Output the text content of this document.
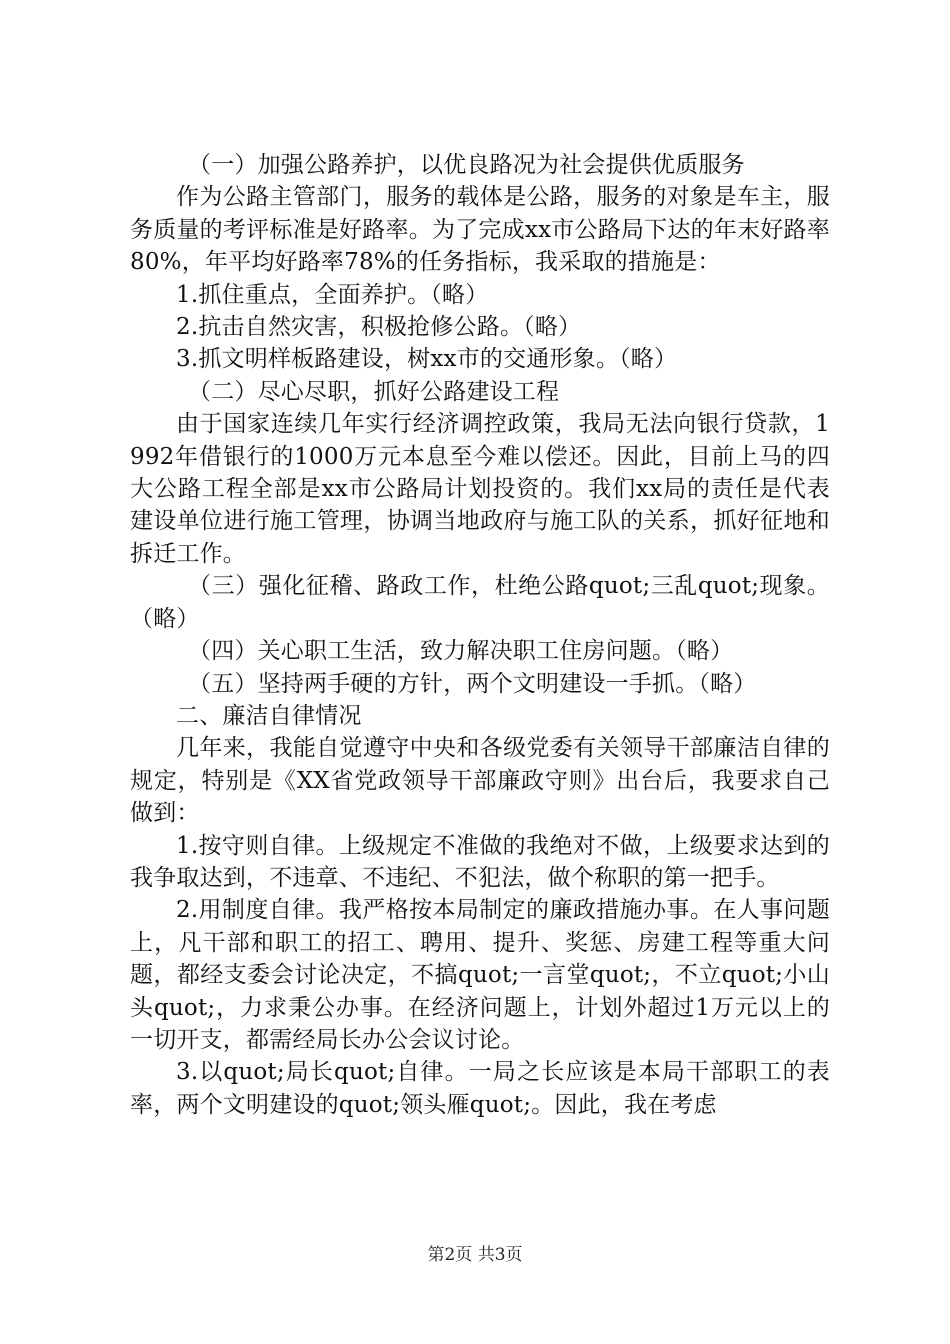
（一）加强公路养护，以优良路况为社会提供优质服务

作为公路主管部门，服务的载体是公路，服务的对象是车主，服务质量的考评标准是好路率。为了完成xx市公路局下达的年末好路率80%，年平均好路率78%的任务指标，我采取的措施是：

1.抓住重点，全面养护。（略）

2.抗击自然灾害，积极抢修公路。（略）

3.抓文明样板路建设，树xx市的交通形象。（略）

（二）尽心尽职，抓好公路建设工程

由于国家连续几年实行经济调控政策，我局无法向银行贷款，1992年借银行的1000万元本息至今难以偿还。因此，目前上马的四大公路工程全部是xx市公路局计划投资的。我们xx局的责任是代表建设单位进行施工管理，协调当地政府与施工队的关系，抓好征地和拆迁工作。

（三）强化征稽、路政工作，杜绝公路quot;三乱quot;现象。（略）

（四）关心职工生活，致力解决职工住房问题。（略）

（五）坚持两手硬的方针，两个文明建设一手抓。（略）

二、廉洁自律情况

几年来，我能自觉遵守中央和各级党委有关领导干部廉洁自律的规定，特别是《XX省党政领导干部廉政守则》出台后，我要求自己做到：

1.按守则自律。上级规定不准做的我绝对不做，上级要求达到的我争取达到，不违章、不违纪、不犯法，做个称职的第一把手。

2.用制度自律。我严格按本局制定的廉政措施办事。在人事问题上，凡干部和职工的招工、聘用、提升、奖惩、房建工程等重大问题，都经支委会讨论决定，不搞quot;一言堂quot;，不立quot;小山头quot;，力求秉公办事。在经济问题上，计划外超过1万元以上的一切开支，都需经局长办公会议讨论。

3.以quot;局长quot;自律。一局之长应该是本局干部职工的表率，两个文明建设的quot;领头雁quot;。因此，我在考虑

第2页 共3页
